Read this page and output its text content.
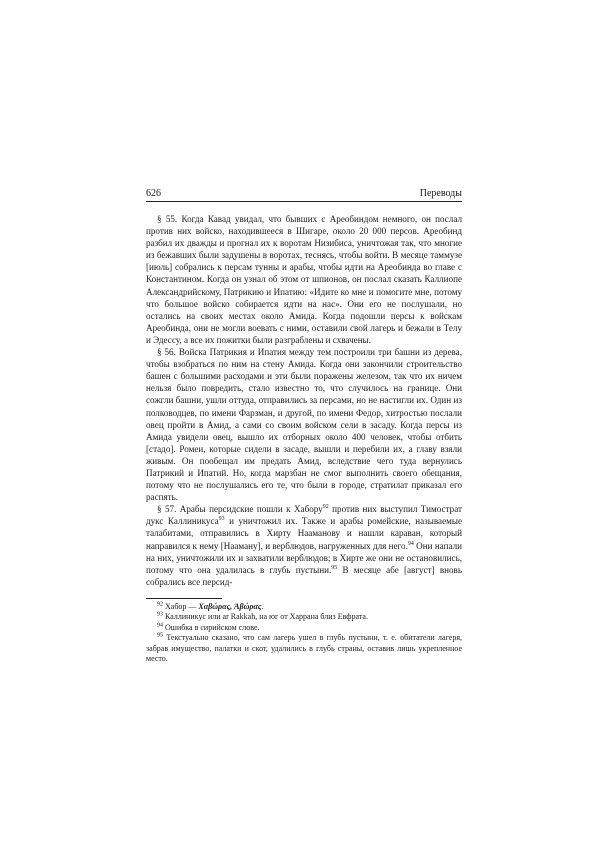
626	Переводы

§ 55. Когда Кавад увидал, что бывших с Ареобиндом немного, он послал против них войско, находившееся в Шигаре, около 20 000 персов. Ареобинд разбил их дважды и прогнал их к воротам Низибиса, уничтожая так, что многие из бежавших были задушены в воротах, теснясь, чтобы войти. В месяце таммузе [июль] собрались к персам тунны и арабы, чтобы идти на Ареобинда во главе с Константином. Когда он узнал об этом от шпионов, он послал сказать Каллиопе Александрийскому, Патрикию и Ипатию: «Идите ко мне и помогите мне, потому что большое войско собирается идти на нас». Они его не послушали, но остались на своих местах около Амида. Когда подошли персы к войскам Ареобинда, они не могли воевать с ними, оставили свой лагерь и бежали в Телу и Эдессу, а все их пожитки были разграблены и схвачены.

§ 56. Войска Патрикия и Ипатия между тем построили три башни из дерева, чтобы взобраться по ним на стену Амида. Когда они закончили строительство башен с большими расходами и эти были поражены железом, так что их ничем нельзя было повредить, стало известно то, что случилось на границе. Они сожгли башни, ушли оттуда, отправились за персами, но не настигли их. Один из полководцев, по имени Фарзман, и другой, по имени Федор, хитростью послали овец пройти в Амид, а сами со своим войском сели в засаду. Когда персы из Амида увидели овец, вышло их отборных около 400 человек, чтобы отбить [стадо]. Ромеи, которые сидели в засаде, вышли и перебили их, а главу взяли живым. Он пообещал им предать Амид, вследствие чего туда вернулись Патрикий и Ипатий. Но, когда марзбан не смог выполнить своего обещания, потому что не послушались его те, что были в городе, стратилат приказал его распять.

§ 57. Арабы персидские пошли к Хабору$^{92}$ против них выступил Тимострат дукс Каллиникуса$^{93}$ и уничтожил их. Также и арабы ромейские, называемые талабитами, отправились в Хирту Нааманову и нашли караван, который направился к нему [Нааману], и верблюдов, нагруженных для него.$^{94}$ Они напали на них, уничтожили их и захватили верблюдов; в Хирте же они не остановились, потому что она удалилась в глубь пустыни.$^{95}$ В месяце абе [август] вновь собрались все персид-

$^{92}$ Хабор — Χαβώρας, Ἀβώρας.

$^{93}$ Каллиникус или ar Rakkah, на юг от Харрана близ Евфрата.

$^{94}$ Ошибка в сирийском слове.

$^{95}$ Текстуально сказано, что сам лагерь ушел в глубь пустыни, т. е. обитатели лагеря, забрав имущество, палатки и скот, удалились в глубь страны, оставив лишь укрепленное место.
